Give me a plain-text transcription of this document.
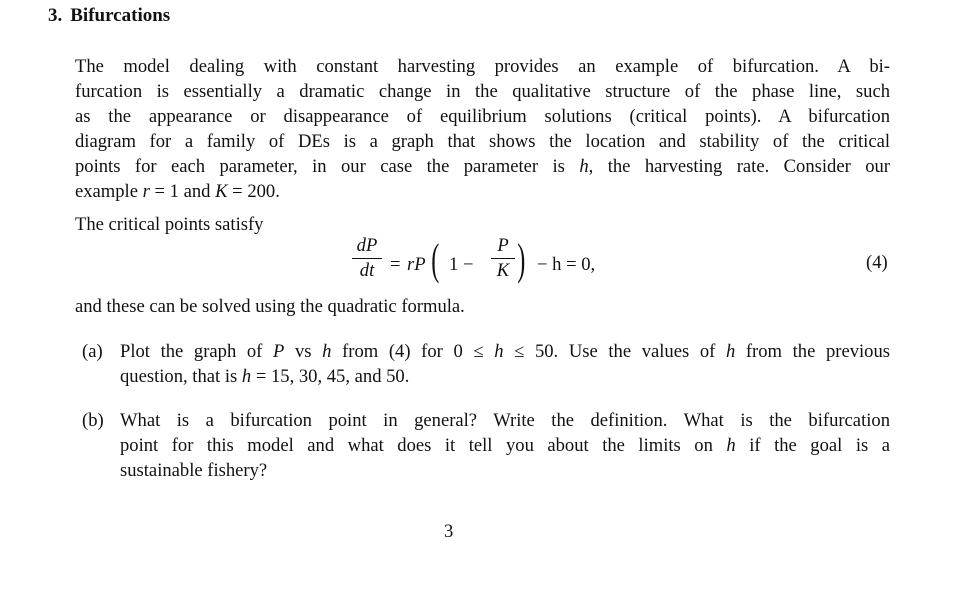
3. Bifurcations
The model dealing with constant harvesting provides an example of bifurcation. A bi-
furcation is essentially a dramatic change in the qualitative structure of the phase line, such
as the appearance or disappearance of equilibrium solutions (critical points). A bifurcation
diagram for a family of DEs is a graph that shows the location and stability of the critical
points for each parameter, in our case the parameter is h, the harvesting rate. Consider our
example r = 1 and K = 200.
The critical points satisfy
dP
dt = rP ( 1 −
P
K ) − h = 0,	(4)
and these can be solved using the quadratic formula.
(a) Plot the graph of P vs h from (4) for 0 ≤ h ≤ 50. Use the values of h from the previous
question, that is h = 15, 30, 45, and 50.
(b) What is a bifurcation point in general? Write the definition. What is the bifurcation
point for this model and what does it tell you about the limits on h if the goal is a
sustainable fishery?
3
